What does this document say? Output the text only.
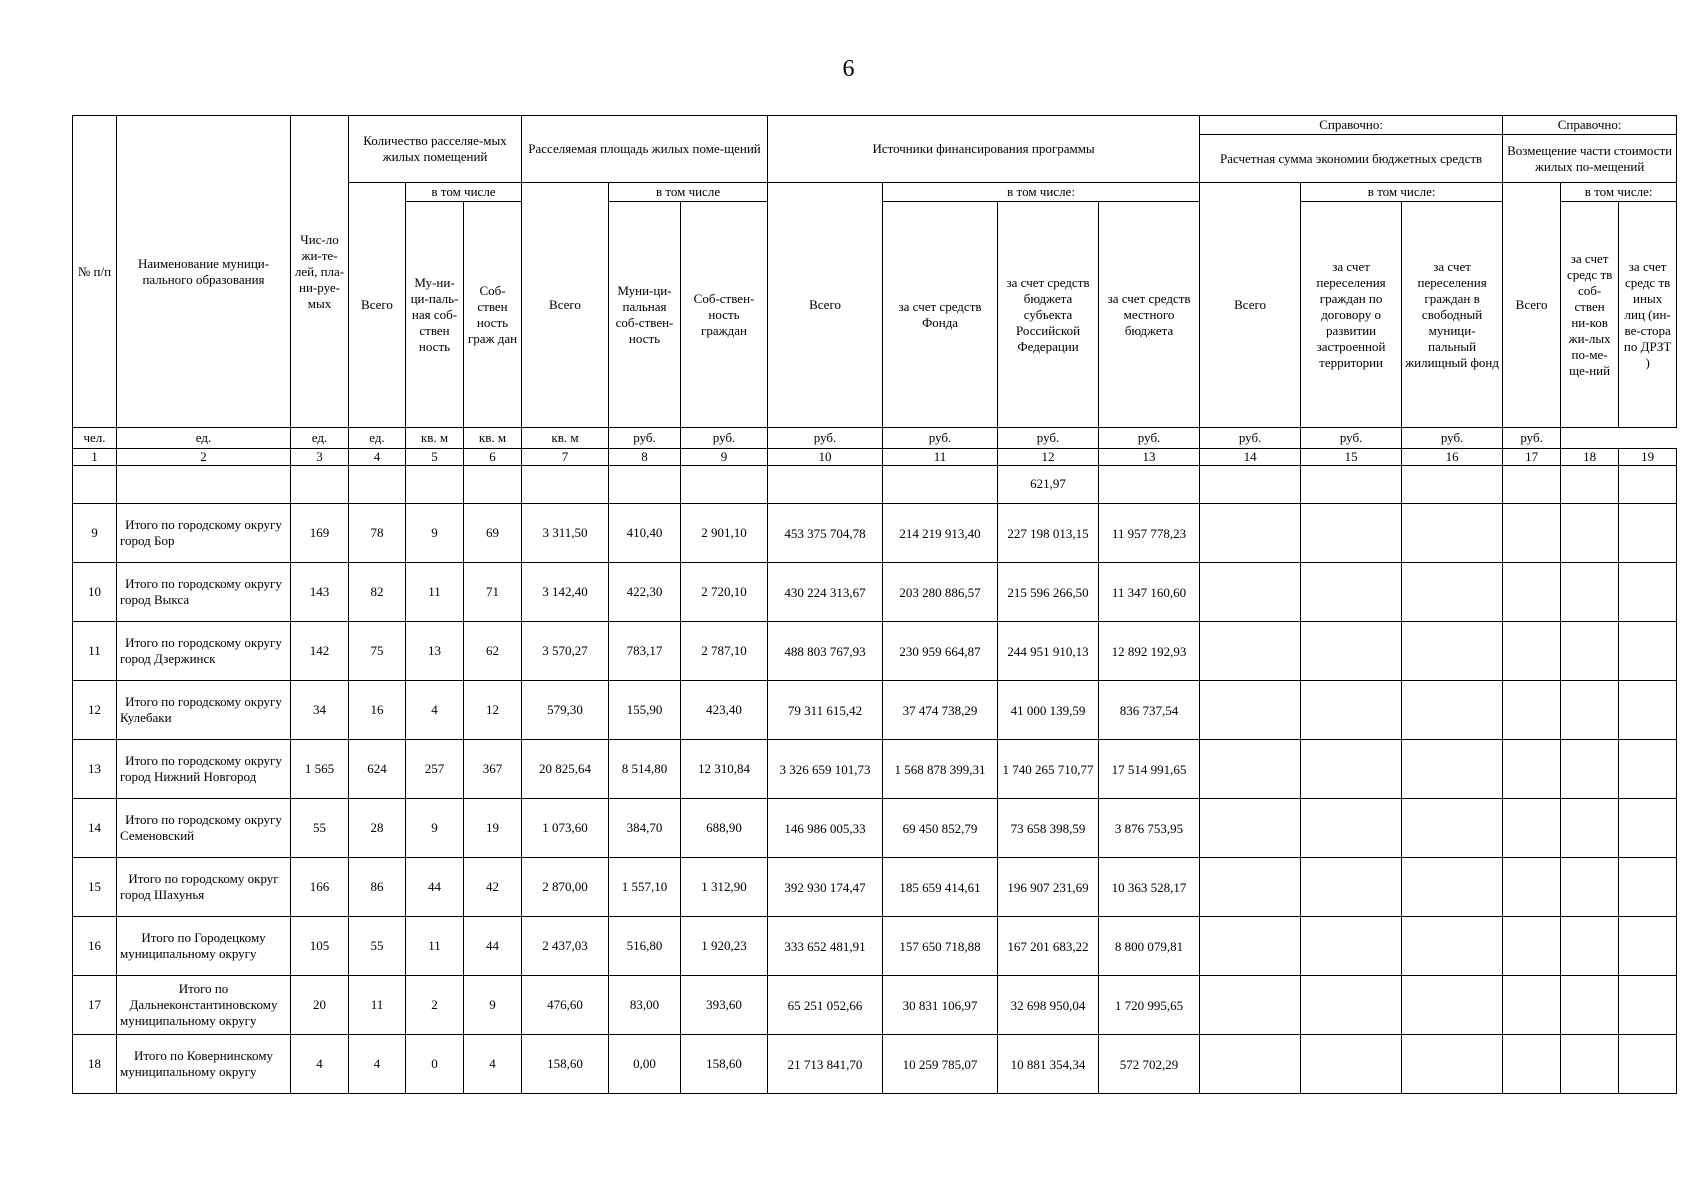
6
№ п/п	Наименование муници-пального образования	Чис-ло жи-те-лей, пла-ни-руе-мых	Количество расселяе-мых жилых помещений			Расселяемая площадь жилых поме-щений			Источники финансирования программы				Справочно:			Справочно:		
													Расчетная сумма экономии бюджетных средств			Возмещение части стоимости жилых по-мещений		
			Всего	в том числе		Всего	в том числе		Всего	в том числе:			Всего	в том числе:		Всего	в том числе:	
				Му-ни-ци-паль-ная соб-ствен ность	Соб-ствен ность граж дан		Муни-ци-пальная соб-ствен-ность	Соб-ствен-ность граждан		за счет средств Фонда	за счет средств бюджета субъекта Российской Федерации	за счет средств местного бюджета		за счет переселения граждан по договору о развитии застроенной территории	за счет переселения граждан в свободный муници-пальный жилищный фонд		за счет средс тв соб-ствен ни-ков жи-лых по-ме-ще-ний	за счет средс тв иных лиц (ин-ве-стора по ДРЗТ )
чел.	ед.	ед.	ед.	кв. м	кв. м	кв. м	руб.	руб.	руб.	руб.	руб.	руб.	руб.	руб.	руб.	руб.		
1	2	3	4	5	6	7	8	9	10	11	12	13	14	15	16	17	18	19
											621,97							
9	Итого по городскому округу город Бор	169	78	9	69	3 311,50	410,40	2 901,10	453 375 704,78	214 219 913,40	227 198 013,15	11 957 778,23						
10	Итого по городскому округу город Выкса	143	82	11	71	3 142,40	422,30	2 720,10	430 224 313,67	203 280 886,57	215 596 266,50	11 347 160,60						
11	Итого по городскому округу город Дзержинск	142	75	13	62	3 570,27	783,17	2 787,10	488 803 767,93	230 959 664,87	244 951 910,13	12 892 192,93						
12	Итого по городскому округу Кулебаки	34	16	4	12	579,30	155,90	423,40	79 311 615,42	37 474 738,29	41 000 139,59	836 737,54						
13	Итого по городскому округу город Нижний Новгород	1 565	624	257	367	20 825,64	8 514,80	12 310,84	3 326 659 101,73	1 568 878 399,31	1 740 265 710,77	17 514 991,65						
14	Итого по городскому округу Семеновский	55	28	9	19	1 073,60	384,70	688,90	146 986 005,33	69 450 852,79	73 658 398,59	3 876 753,95						
15	Итого по городскому округ город Шахунья	166	86	44	42	2 870,00	1 557,10	1 312,90	392 930 174,47	185 659 414,61	196 907 231,69	10 363 528,17						
16	Итого по Городецкому муниципальному округу	105	55	11	44	2 437,03	516,80	1 920,23	333 652 481,91	157 650 718,88	167 201 683,22	8 800 079,81						
17	Итого по Дальнеконстантиновскому муниципальному округу	20	11	2	9	476,60	83,00	393,60	65 251 052,66	30 831 106,97	32 698 950,04	1 720 995,65						
18	Итого по Ковернинскому муниципальному округу	4	4	0	4	158,60	0,00	158,60	21 713 841,70	10 259 785,07	10 881 354,34	572 702,29						
